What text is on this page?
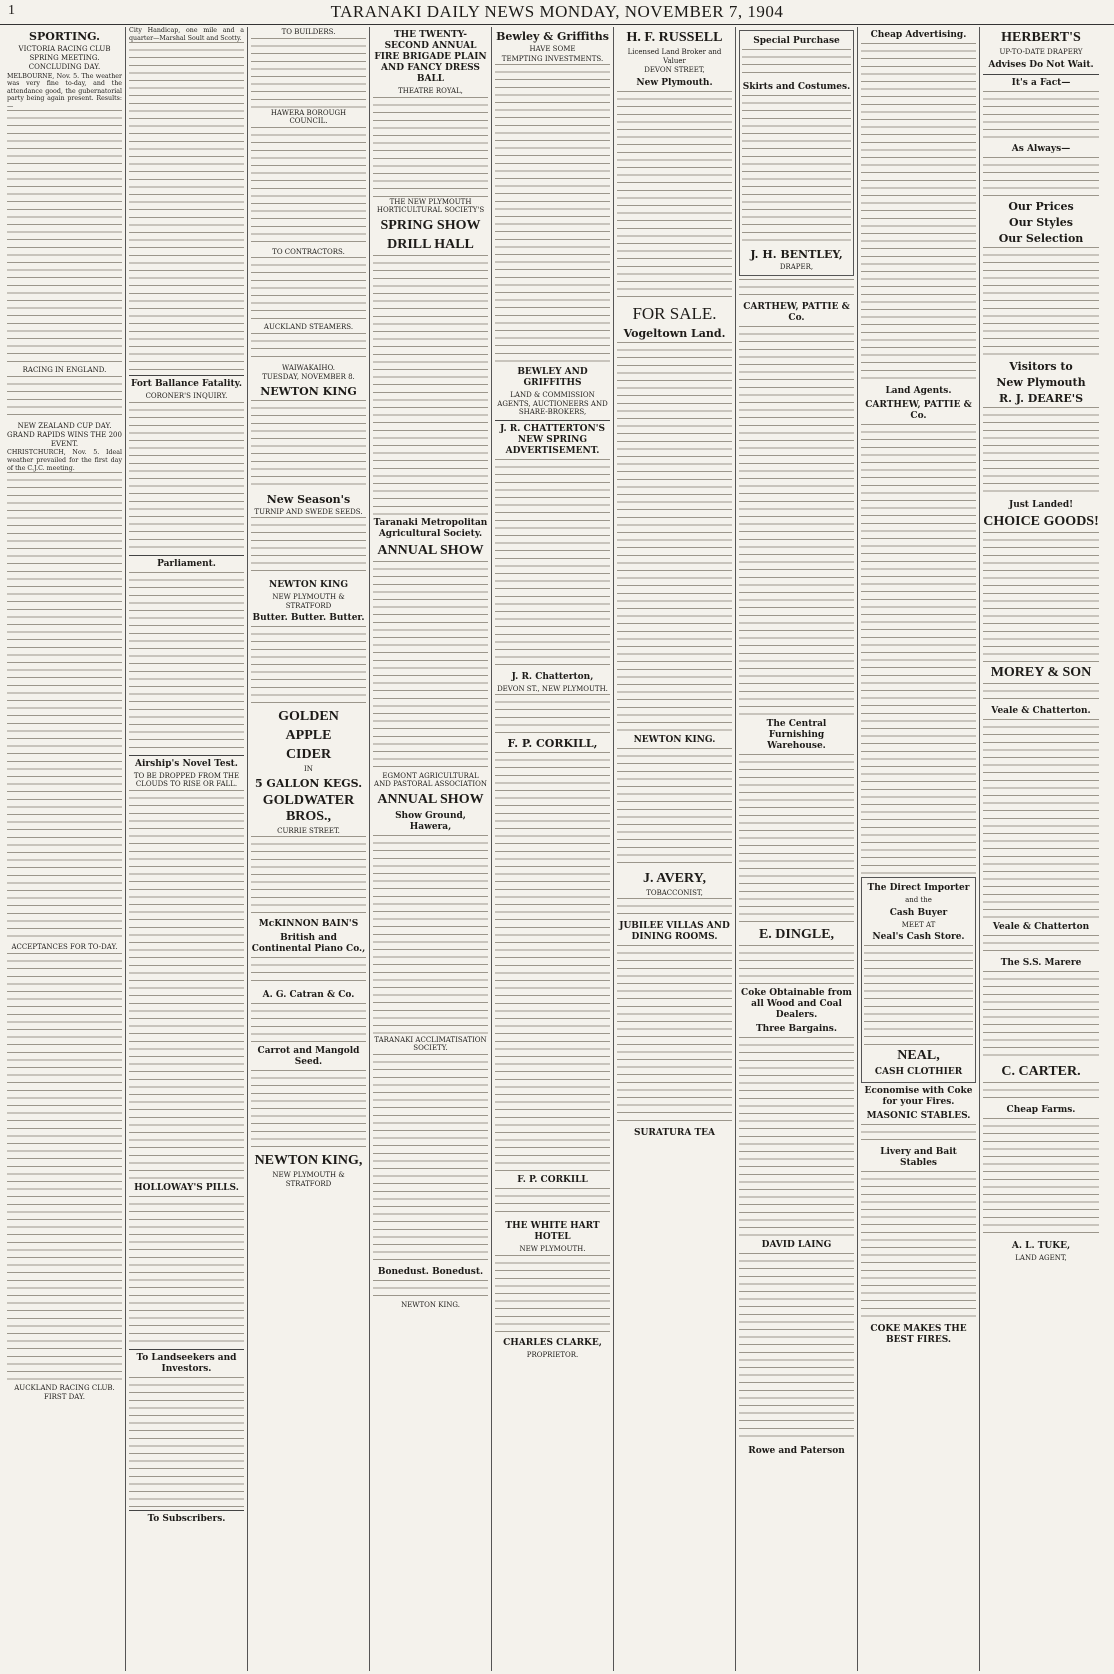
1	TARANAKI DAILY NEWS MONDAY, NOVEMBER 7, 1904
SPORTING.
VICTORIA RACING CLUB SPRING MEETING.
CONCLUDING DAY.
MELBOURNE, Nov. 5. The weather was very fine to-day, and the attendance good, the gubernatorial party being again present. Results:—
RACING IN ENGLAND.
NEW ZEALAND CUP DAY.
GRAND RAPIDS WINS THE 200 EVENT.
CHRISTCHURCH, Nov. 5. Ideal weather prevailed for the first day of the C.J.C. meeting.
ACCEPTANCES FOR TO-DAY.
AUCKLAND RACING CLUB.
FIRST DAY.
City Handicap, one mile and a quarter—Marshal Soult and Scotty.
Fort Ballance Fatality.
CORONER'S INQUIRY.
Parliament.
Airship's Novel Test.
TO BE DROPPED FROM THE CLOUDS TO RISE OR FALL.
HOLLOWAY'S PILLS.
To Landseekers and Investors.
To Subscribers.
TO BUILDERS.
HAWERA BOROUGH COUNCIL.
TO CONTRACTORS.
AUCKLAND STEAMERS.
WAIWAKAIHO.
TUESDAY, NOVEMBER 8.
NEWTON KING
New Season's
TURNIP AND SWEDE SEEDS.
NEWTON KING
NEW PLYMOUTH & STRATFORD
Butter. Butter. Butter.
GOLDEN
APPLE
CIDER
IN
5 GALLON KEGS.
GOLDWATER BROS.,
CURRIE STREET.
McKINNON BAIN'S
British and Continental Piano Co.,
A. G. Catran & Co.
Carrot and Mangold Seed.
NEWTON KING,
NEW PLYMOUTH & STRATFORD
THE TWENTY-SECOND ANNUAL FIRE BRIGADE PLAIN AND FANCY DRESS BALL
THEATRE ROYAL,
THE NEW PLYMOUTH HORTICULTURAL SOCIETY'S
SPRING SHOW
DRILL HALL
Taranaki Metropolitan Agricultural Society.
ANNUAL SHOW
EGMONT AGRICULTURAL AND PASTORAL ASSOCIATION
ANNUAL SHOW
Show Ground, Hawera,
TARANAKI ACCLIMATISATION SOCIETY.
Bonedust. Bonedust.
NEWTON KING.
Bewley & Griffiths
HAVE SOME
TEMPTING INVESTMENTS.
BEWLEY AND GRIFFITHS
LAND & COMMISSION AGENTS, AUCTIONEERS AND SHARE-BROKERS,
J. R. CHATTERTON'S NEW SPRING ADVERTISEMENT.
J. R. Chatterton,
DEVON ST., NEW PLYMOUTH.
F. P. CORKILL,
F. P. CORKILL
THE WHITE HART HOTEL
NEW PLYMOUTH.
CHARLES CLARKE,
PROPRIETOR.
H. F. RUSSELL
Licensed Land Broker and Valuer
DEVON STREET,
New Plymouth.
FOR SALE.
Vogeltown Land.
NEWTON KING.
J. AVERY,
TOBACCONIST,
JUBILEE VILLAS AND DINING ROOMS.
SURATURA TEA
Special Purchase
Skirts and Costumes.
J. H. BENTLEY,
DRAPER,
CARTHEW, PATTIE & Co.
The Central Furnishing Warehouse.
E. DINGLE,
Coke Obtainable from all Wood and Coal Dealers.
Three Bargains.
DAVID LAING
Rowe and Paterson
Cheap Advertising.
Land Agents.
CARTHEW, PATTIE & Co.
The Direct Importer
and the
Cash Buyer
MEET AT
Neal's Cash Store.
NEAL,
CASH CLOTHIER
Economise with Coke for your Fires.
MASONIC STABLES.
Livery and Bait Stables
COKE MAKES THE BEST FIRES.
HERBERT'S
UP-TO-DATE DRAPERY
Advises Do Not Wait.
It's a Fact—
As Always—
Our Prices
Our Styles
Our Selection
Visitors to
New Plymouth
R. J. DEARE'S
Just Landed!
CHOICE GOODS!
MOREY & SON
Veale & Chatterton.
Veale & Chatterton
The S.S. Marere
C. CARTER.
Cheap Farms.
A. L. TUKE,
LAND AGENT,
